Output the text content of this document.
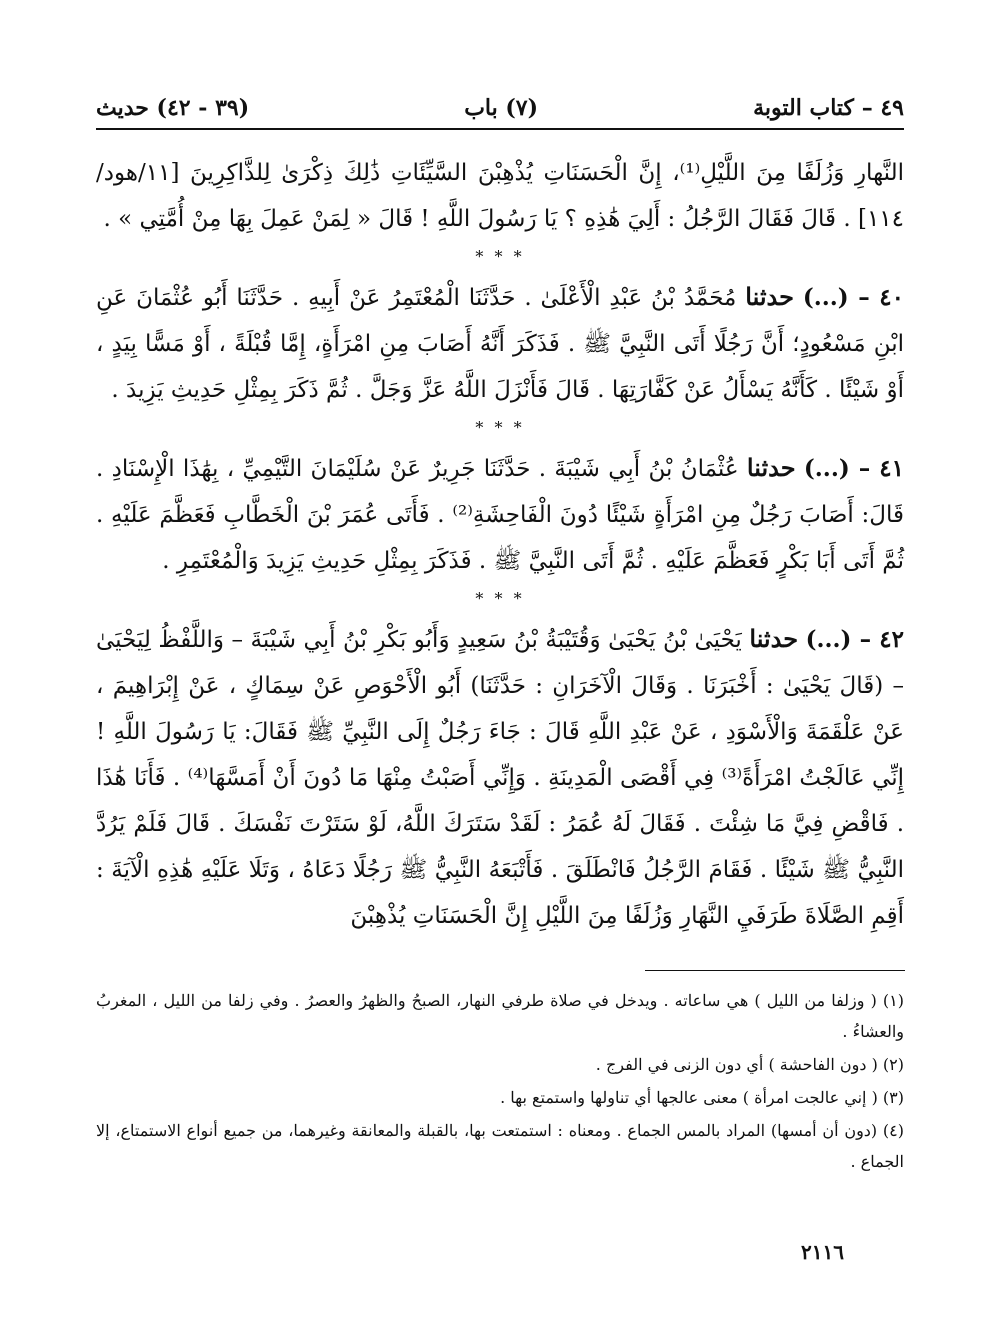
٤٩ – كتاب التوبة
(٧) باب
(٣٩ - ٤٢) حديث

النَّهارِ وَزُلَفًا مِنَ اللَّيْلِ⁽¹⁾، إِنَّ الْحَسَنَاتِ يُذْهِبْنَ السَّيِّئَاتِ ذَٰلِكَ ذِكْرَىٰ لِلذَّاكِرِينَ [١١/هود/١١٤] . قَالَ فَقَالَ الرَّجُلُ : أَلِيَ هَٰذِهِ ؟ يَا رَسُولَ اللَّهِ ! قَالَ « لِمَنْ عَمِلَ بِهَا مِنْ أُمَّتِي » .

* * *

٤٠ – (...) حدثنا مُحَمَّدُ بْنُ عَبْدِ الْأَعْلَىٰ . حَدَّثَنَا الْمُعْتَمِرُ عَنْ أَبِيهِ . حَدَّثَنَا أَبُو عُثْمَانَ عَنِ ابْنِ مَسْعُودٍ؛ أَنَّ رَجُلًا أَتَى النَّبِيَّ ﷺ . فَذَكَرَ أَنَّهُ أَصَابَ مِنِ امْرَأَةٍ، إِمَّا قُبْلَةً ، أَوْ مَسًّا بِيَدٍ ، أَوْ شَيْئًا . كَأَنَّهُ يَسْأَلُ عَنْ كَفَّارَتِهَا . قَالَ فَأَنْزَلَ اللَّهُ عَزَّ وَجَلَّ . ثُمَّ ذَكَرَ بِمِثْلِ حَدِيثِ يَزِيدَ .

* * *

٤١ – (...) حدثنا عُثْمَانُ بْنُ أَبِي شَيْبَةَ . حَدَّثَنَا جَرِيرٌ عَنْ سُلَيْمَانَ التَّيْمِيِّ ، بِهَٰذَا الْإِسْنَادِ . قَالَ: أَصَابَ رَجُلٌ مِنِ امْرَأَةٍ شَيْئًا دُونَ الْفَاحِشَةِ⁽²⁾ . فَأَتَى عُمَرَ بْنَ الْخَطَّابِ فَعَظَّمَ عَلَيْهِ . ثُمَّ أَتَى أَبَا بَكْرٍ فَعَظَّمَ عَلَيْهِ . ثُمَّ أَتَى النَّبِيَّ ﷺ . فَذَكَرَ بِمِثْلِ حَدِيثِ يَزِيدَ وَالْمُعْتَمِرِ .

* * *

٤٢ – (...) حدثنا يَحْيَىٰ بْنُ يَحْيَىٰ وَقُتَيْبَةُ بْنُ سَعِيدٍ وَأَبُو بَكْرِ بْنُ أَبِي شَيْبَةَ – وَاللَّفْظُ لِيَحْيَىٰ – (قَالَ يَحْيَىٰ : أَخْبَرَنَا . وَقَالَ الْآخَرَانِ : حَدَّثَنَا) أَبُو الْأَحْوَصِ عَنْ سِمَاكٍ ، عَنْ إِبْرَاهِيمَ ، عَنْ عَلْقَمَةَ وَالْأَسْوَدِ ، عَنْ عَبْدِ اللَّهِ قَالَ : جَاءَ رَجُلٌ إِلَى النَّبِيِّ ﷺ فَقَالَ: يَا رَسُولَ اللَّهِ ! إِنِّي عَالَجْتُ امْرَأَةً⁽³⁾ فِي أَقْصَى الْمَدِينَةِ . وَإِنِّي أَصَبْتُ مِنْهَا مَا دُونَ أَنْ أَمَسَّهَا⁽⁴⁾ . فَأَنَا هَٰذَا . فَاقْضِ فِيَّ مَا شِئْتَ . فَقَالَ لَهُ عُمَرُ : لَقَدْ سَتَرَكَ اللَّهُ، لَوْ سَتَرْتَ نَفْسَكَ . قَالَ فَلَمْ يَرُدَّ النَّبِيُّ ﷺ شَيْئًا . فَقَامَ الرَّجُلُ فَانْطَلَقَ . فَأَتْبَعَهُ النَّبِيُّ ﷺ رَجُلًا دَعَاهُ ، وَتَلَا عَلَيْهِ هَٰذِهِ الْآيَةَ : أَقِمِ الصَّلَاةَ طَرَفَيِ النَّهَارِ وَزُلَفًا مِنَ اللَّيْلِ إِنَّ الْحَسَنَاتِ يُذْهِبْنَ

(١) ( وزلفا من الليل ) هي ساعاته . ويدخل في صلاة طرفي النهار، الصبحُ والظهرُ والعصرُ . وفي زلفا من الليل ، المغربُ والعشاءُ .

(٢) ( دون الفاحشة ) أي دون الزنى في الفرج .

(٣) ( إني عالجت امرأة ) معنى عالجها أي تناولها واستمتع بها .

(٤) (دون أن أمسها) المراد بالمس الجماع . ومعناه : استمتعت بها، بالقبلة والمعانقة وغيرهما، من جميع أنواع الاستمتاع، إلا الجماع .

٢١١٦
